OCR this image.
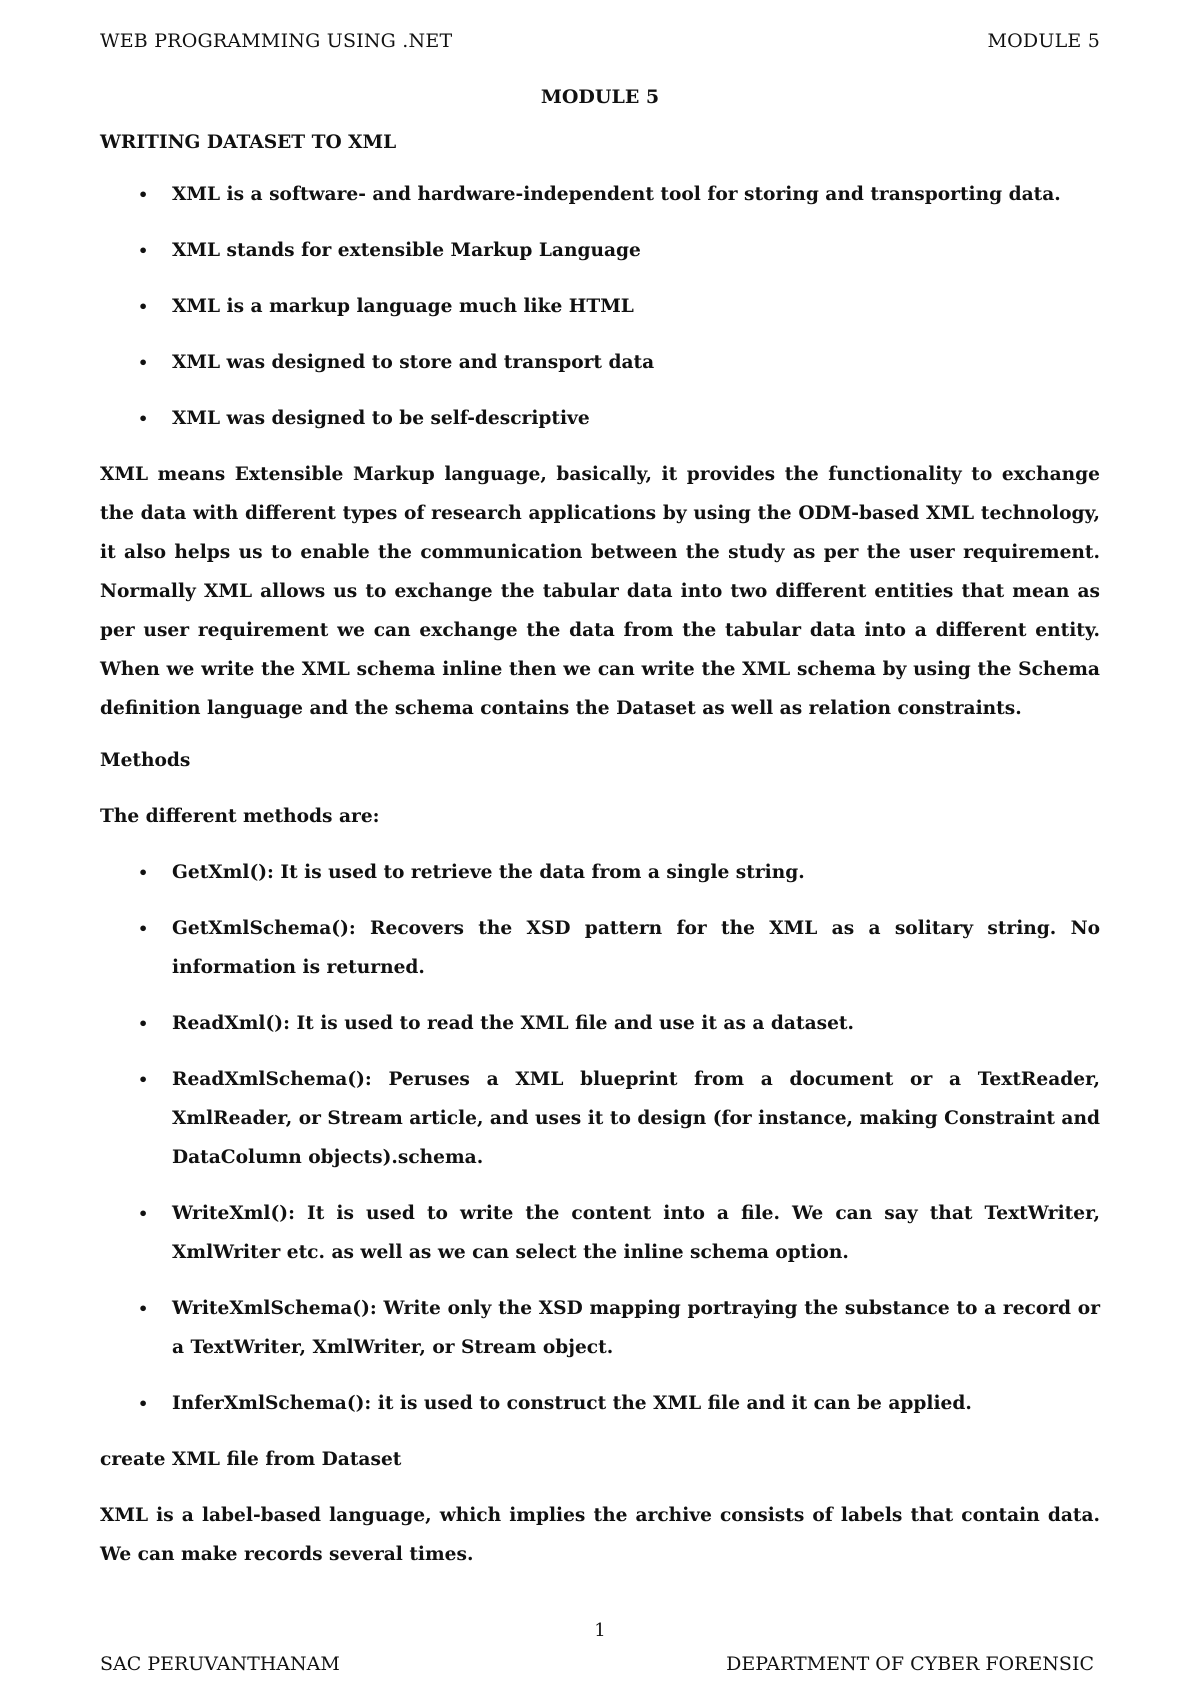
WEB PROGRAMMING USING .NET	MODULE 5
MODULE 5
WRITING DATASET TO XML
• XML is a software- and hardware-independent tool for storing and transporting data.
• XML stands for extensible Markup Language
• XML is a markup language much like HTML
• XML was designed to store and transport data
• XML was designed to be self-descriptive

XML means Extensible Markup language, basically, it provides the functionality to exchange the data with different types of research applications by using the ODM-based XML technology, it also helps us to enable the communication between the study as per the user requirement. Normally XML allows us to exchange the tabular data into two different entities that mean as per user requirement we can exchange the data from the tabular data into a different entity. When we write the XML schema inline then we can write the XML schema by using the Schema definition language and the schema contains the Dataset as well as relation constraints.

Methods
The different methods are:
• GetXml(): It is used to retrieve the data from a single string.
• GetXmlSchema(): Recovers the XSD pattern for the XML as a solitary string. No information is returned.
• ReadXml(): It is used to read the XML file and use it as a dataset.
• ReadXmlSchema(): Peruses a XML blueprint from a document or a TextReader, XmlReader, or Stream article, and uses it to design (for instance, making Constraint and DataColumn objects).schema.
• WriteXml(): It is used to write the content into a file. We can say that TextWriter, XmlWriter etc. as well as we can select the inline schema option.
• WriteXmlSchema(): Write only the XSD mapping portraying the substance to a record or a TextWriter, XmlWriter, or Stream object.
• InferXmlSchema(): it is used to construct the XML file and it can be applied.
create XML file from Dataset

XML is a label-based language, which implies the archive consists of labels that contain data. We can make records several times.

1
SAC PERUVANTHANAM	DEPARTMENT OF CYBER FORENSIC
